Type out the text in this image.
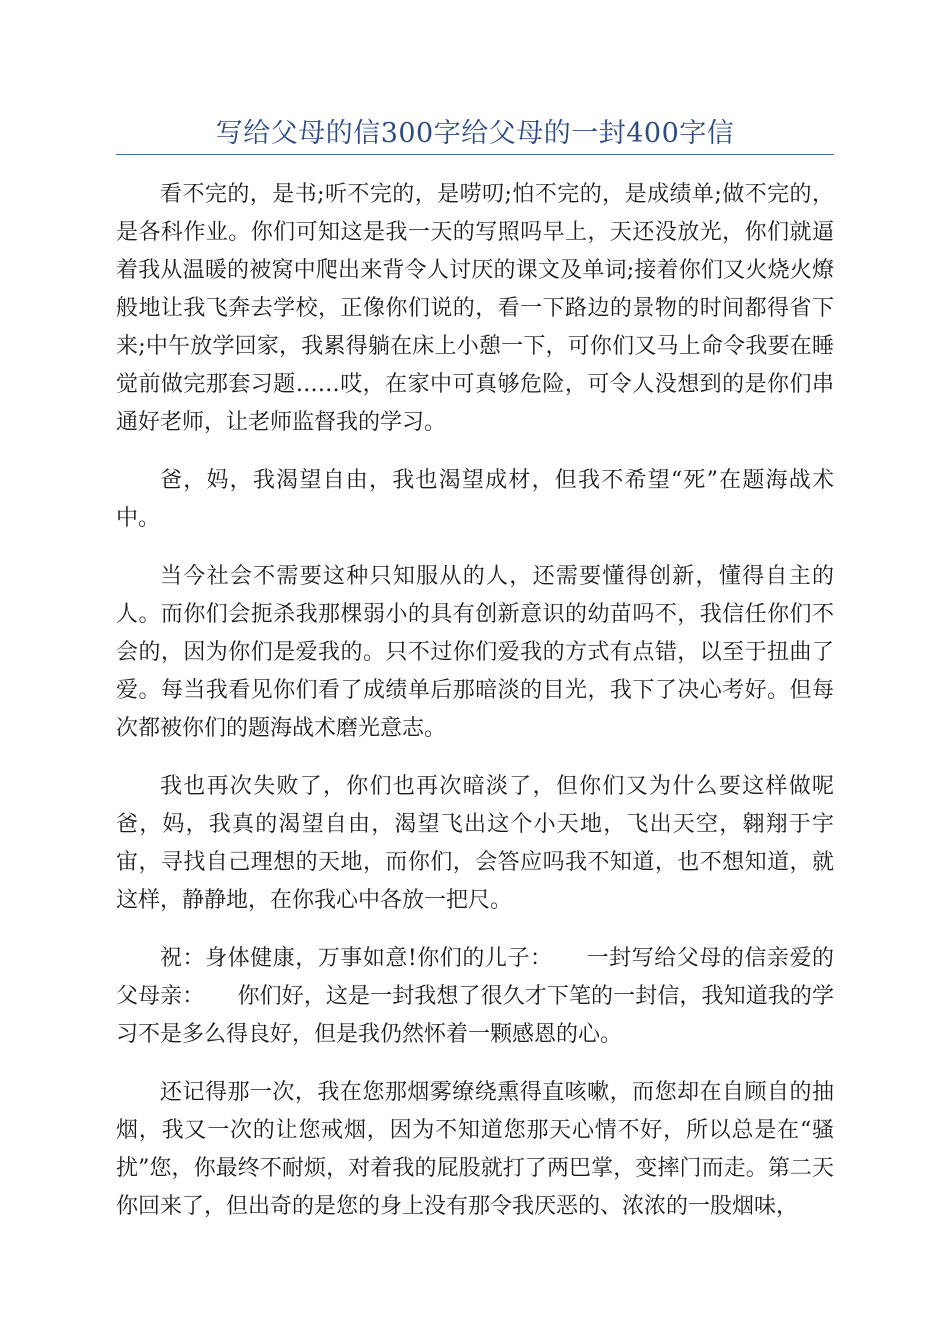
写给父母的信300字给父母的一封400字信

看不完的，是书;听不完的，是唠叨;怕不完的，是成绩单;做不完的，是各科作业。你们可知这是我一天的写照吗早上，天还没放光，你们就逼着我从温暖的被窝中爬出来背令人讨厌的课文及单词;接着你们又火烧火燎般地让我飞奔去学校，正像你们说的，看一下路边的景物的时间都得省下来;中午放学回家，我累得躺在床上小憩一下，可你们又马上命令我要在睡觉前做完那套习题……哎，在家中可真够危险，可令人没想到的是你们串通好老师，让老师监督我的学习。

爸，妈，我渴望自由，我也渴望成材，但我不希望“死”在题海战术中。

当今社会不需要这种只知服从的人，还需要懂得创新，懂得自主的人。而你们会扼杀我那棵弱小的具有创新意识的幼苗吗不，我信任你们不会的，因为你们是爱我的。只不过你们爱我的方式有点错，以至于扭曲了爱。每当我看见你们看了成绩单后那暗淡的目光，我下了决心考好。但每次都被你们的题海战术磨光意志。

我也再次失败了，你们也再次暗淡了，但你们又为什么要这样做呢爸，妈，我真的渴望自由，渴望飞出这个小天地，飞出天空，翱翔于宇宙，寻找自己理想的天地，而你们，会答应吗我不知道，也不想知道，就这样，静静地，在你我心中各放一把尺。

祝：身体健康，万事如意!你们的儿子：　　一封写给父母的信亲爱的父母亲：　　你们好，这是一封我想了很久才下笔的一封信，我知道我的学习不是多么得良好，但是我仍然怀着一颗感恩的心。

还记得那一次，我在您那烟雾缭绕熏得直咳嗽，而您却在自顾自的抽烟，我又一次的让您戒烟，因为不知道您那天心情不好，所以总是在“骚扰”您，你最终不耐烦，对着我的屁股就打了两巴掌，变摔门而走。第二天你回来了，但出奇的是您的身上没有那令我厌恶的、浓浓的一股烟味，
